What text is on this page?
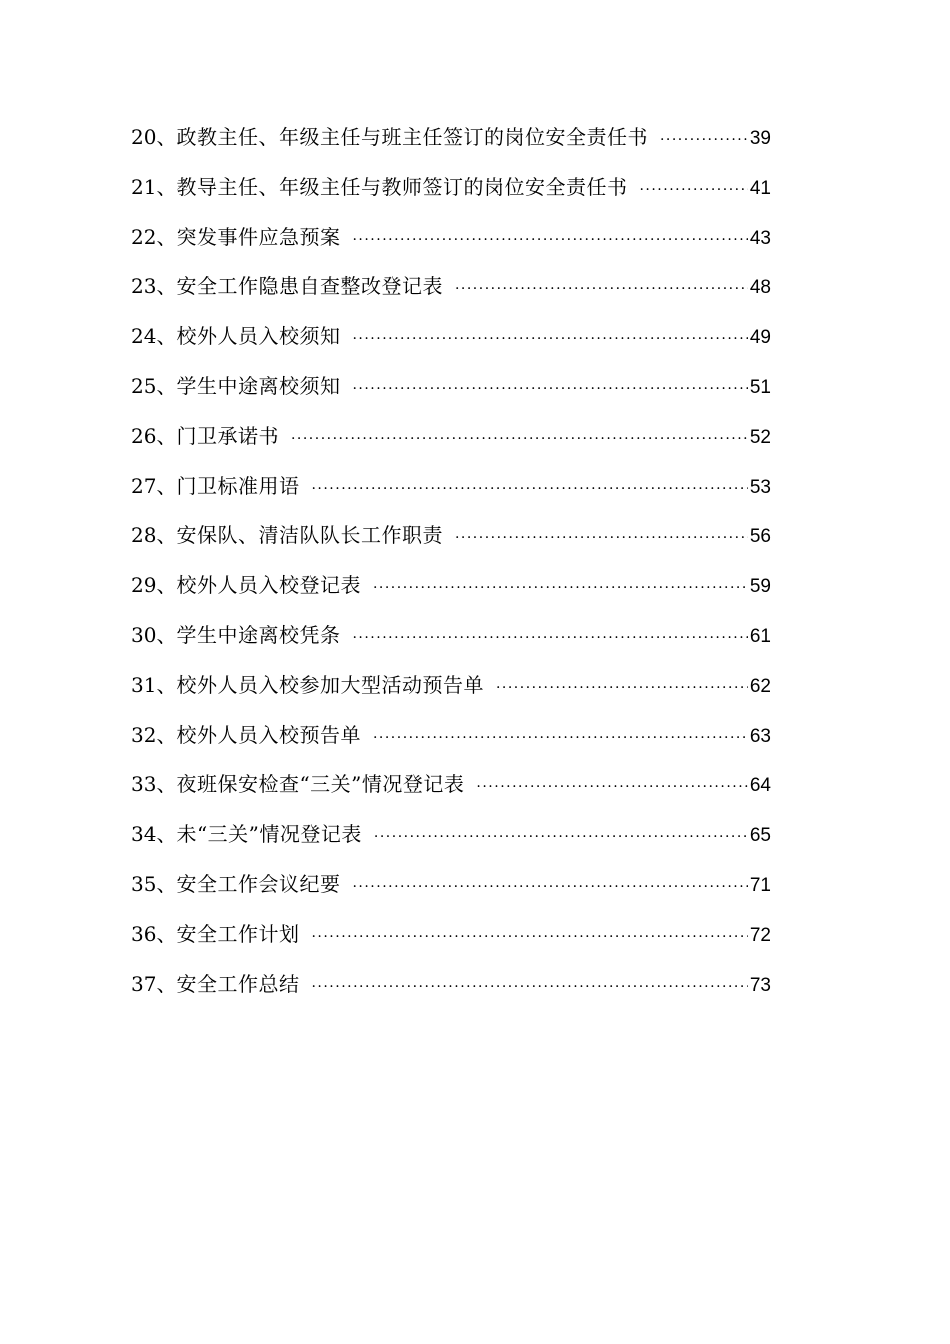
20、 政教主任、年级主任与班主任签订的岗位安全责任书 ·····	39
21、 教导主任、年级主任与教师签订的岗位安全责任书 ·····	41
22、 突发事件应急预案 ·····	43
23、 安全工作隐患自查整改登记表 ·····	48
24、 校外人员入校须知 ·····	49
25、 学生中途离校须知 ·····	51
26、 门卫承诺书 ·····	52
27、 门卫标准用语 ·····	53
28、 安保队、清洁队队长工作职责 ·····	56
29、 校外人员入校登记表 ·····	59
30、 学生中途离校凭条 ·····	61
31、 校外人员入校参加大型活动预告单 ·····	62
32、 校外人员入校预告单 ·····	63
33、 夜班保安检查“三关”情况登记表 ·····	64
34、 未“三关”情况登记表 ·····	65
35、 安全工作会议纪要 ·····	71
36、 安全工作计划 ·····	72
37、 安全工作总结 ·····	73
